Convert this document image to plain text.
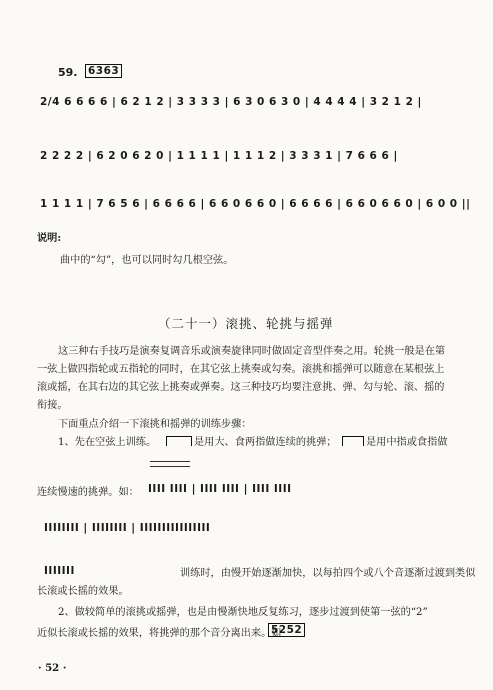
59. 6363
2/4 6 6 6 6 | 6 2 1 2 | 3 3 3 3 | 6 3 0 6 3 0 | 4 4 4 4 | 3 2 1 2 |
2 2 2 2 | 6 2 0 6 2 0 | 1 1 1 1 | 1 1 1 2 | 3 3 3 1 | 7 6 6 6 |
1 1 1 1 | 7 6 5 6 | 6 6 6 6 | 6 6 0 6 6 0 | 6 6 6 6 | 6 6 0 6 6 0 | 6 0 0 ||
说明:
曲中的“勾”，也可以同时勾几根空弦。
（二十一）滚挑、轮挑与摇弹
这三种右手技巧是演奏复调音乐或演奏旋律同时做固定音型伴奏之用。轮挑一般是在第
一弦上做四指轮或五指轮的同时，在其它弦上挑奏或勾奏。滚挑和摇弹可以随意在某根弦上
滚或摇，在其右边的其它弦上挑奏或弹奏。这三种技巧均要注意挑、弹、勾与轮、滚、摇的
衔接。
下面重点介绍一下滚挑和摇弹的训练步骤：
1、先在空弦上训练。	是用大、食两指做连续的挑弹；	是用中指或食指做
连续慢速的挑弹。如： ĪĪĪĪ ĪĪĪĪ | ĪĪĪĪ ĪĪĪĪ | ĪĪĪĪ ĪĪĪĪ
ĪĪĪĪĪĪĪĪ | ĪĪĪĪĪĪĪĪ | ĪĪĪĪĪĪĪĪĪĪĪĪĪĪĪĪ
ĪĪĪĪĪĪĪ	训练时，由慢开始逐渐加快，以每拍四个或八个音逐渐过渡到类似
长滚或长摇的效果。
2、做较简单的滚挑或摇弹，也是由慢渐快地反复练习，逐步过渡到使第一弦的“2”
近似长滚或长摇的效果，将挑弹的那个音分离出来。如
5252
· 52 ·
